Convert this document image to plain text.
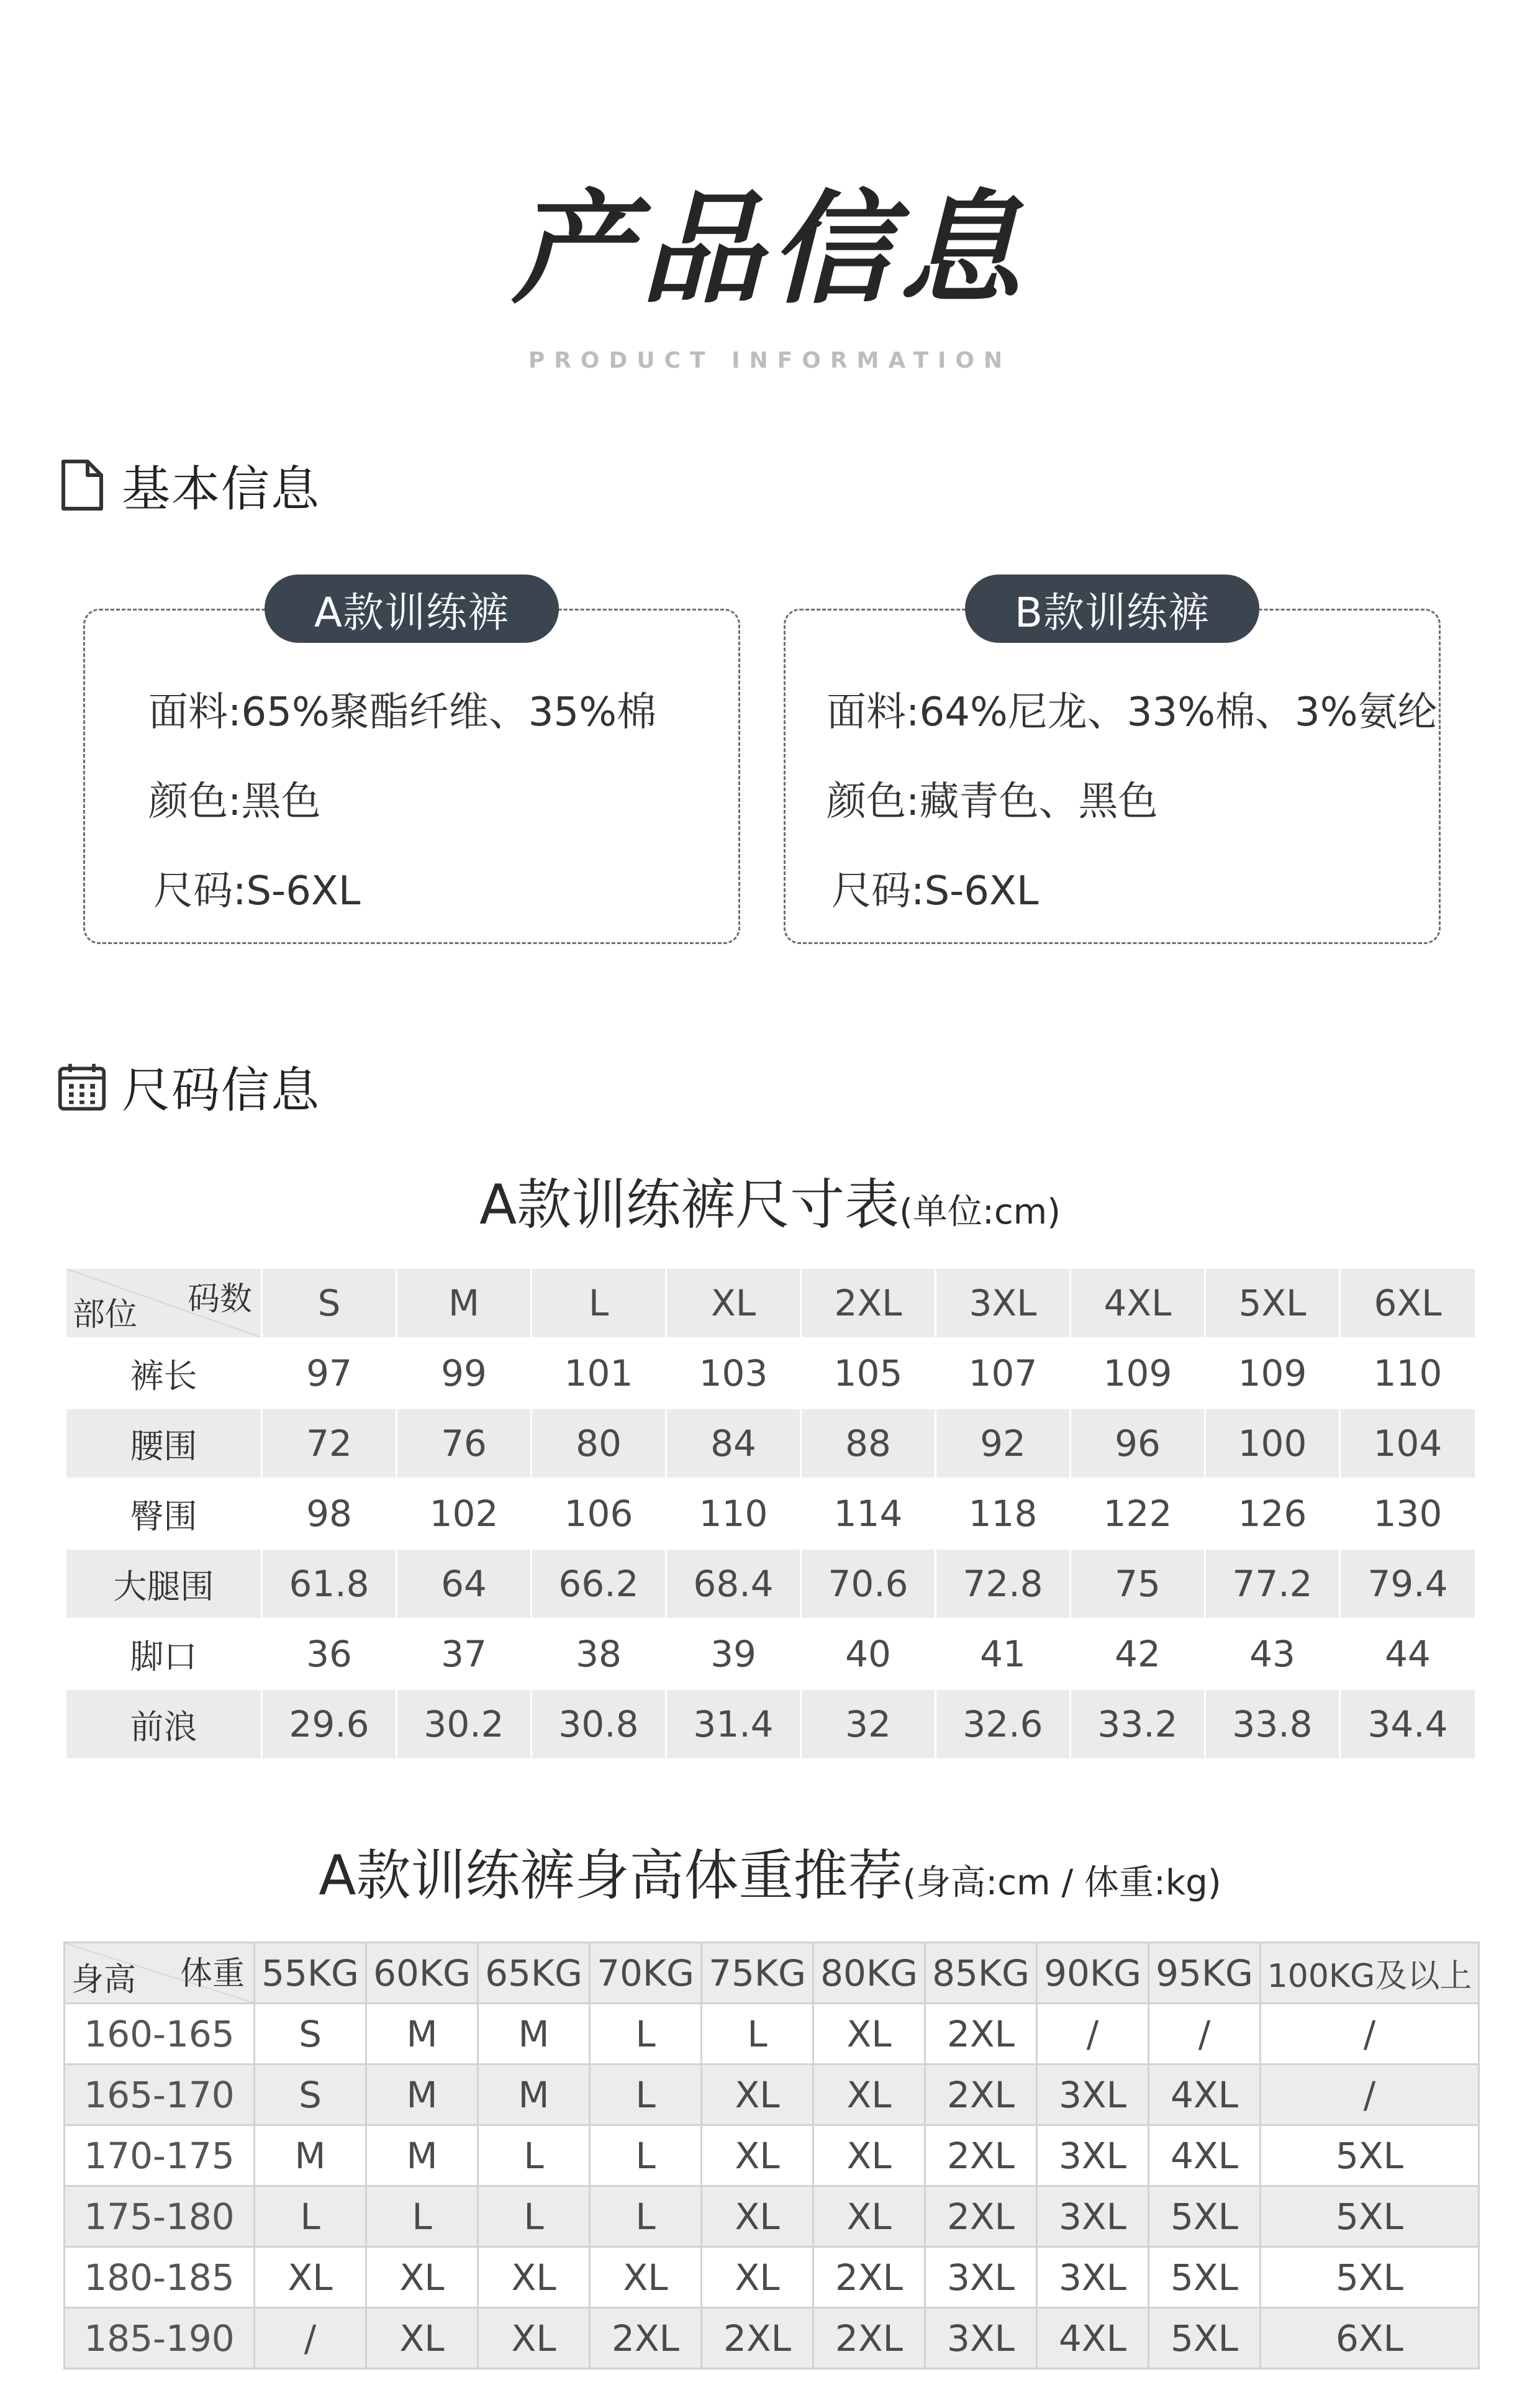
产品信息
PRODUCT INFORMATION
基本信息
A款训练裤
面料:65%聚酯纤维、35%棉
颜色:黑色
尺码:S-6XL
B款训练裤
面料:64%尼龙、33%棉、3%氨纶
颜色:藏青色、黑色
尺码:S-6XL
尺码信息
A款训练裤尺寸表(单位:cm)
码数
部位	S	M	L	XL	2XL	3XL	4XL	5XL	6XL
裤长	97	99	101	103	105	107	109	109	110
腰围	72	76	80	84	88	92	96	100	104
臀围	98	102	106	110	114	118	122	126	130
大腿围	61.8	64	66.2	68.4	70.6	72.8	75	77.2	79.4
脚口	36	37	38	39	40	41	42	43	44
前浪	29.6	30.2	30.8	31.4	32	32.6	33.2	33.8	34.4
A款训练裤身高体重推荐(身高:cm / 体重:kg)
体重
身高	55KG	60KG	65KG	70KG	75KG	80KG	85KG	90KG	95KG	100KG及以上
160-165	S	M	M	L	L	XL	2XL	/	/	/
165-170	S	M	M	L	XL	XL	2XL	3XL	4XL	/
170-175	M	M	L	L	XL	XL	2XL	3XL	4XL	5XL
175-180	L	L	L	L	XL	XL	2XL	3XL	5XL	5XL
180-185	XL	XL	XL	XL	XL	2XL	3XL	3XL	5XL	5XL
185-190	/	XL	XL	2XL	2XL	2XL	3XL	4XL	5XL	6XL
